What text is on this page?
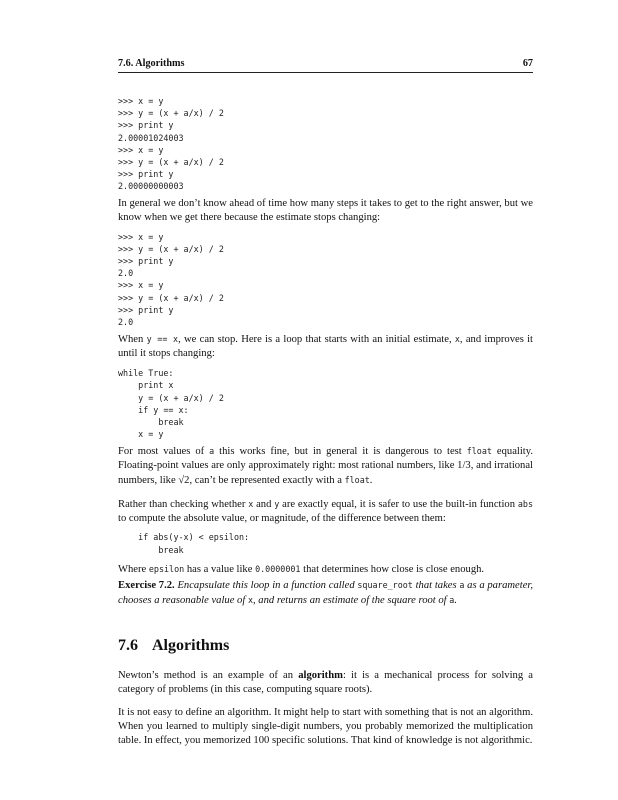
7.6. Algorithms	67
>>> x = y
>>> y = (x + a/x) / 2
>>> print y
2.00001024003
>>> x = y
>>> y = (x + a/x) / 2
>>> print y
2.00000000003

In general we don’t know ahead of time how many steps it takes to get to the right answer, but we know when we get there because the estimate stops changing:

>>> x = y
>>> y = (x + a/x) / 2
>>> print y
2.0
>>> x = y
>>> y = (x + a/x) / 2
>>> print y
2.0

When y == x, we can stop. Here is a loop that starts with an initial estimate, x, and improves it until it stops changing:

while True:
print x
y = (x + a/x) / 2
if y == x:
break
x = y

For most values of a this works fine, but in general it is dangerous to test float equality. Floating-point values are only approximately right: most rational numbers, like 1/3, and irrational numbers, like √2, can’t be represented exactly with a float.

Rather than checking whether x and y are exactly equal, it is safer to use the built-in function abs to compute the absolute value, or magnitude, of the difference between them:

if abs(y-x) < epsilon:
break

Where epsilon has a value like 0.0000001 that determines how close is close enough.

Exercise 7.2. Encapsulate this loop in a function called square_root that takes a as a parameter, chooses a reasonable value of x, and returns an estimate of the square root of a.

7.6 Algorithms

Newton’s method is an example of an algorithm: it is a mechanical process for solving a category of problems (in this case, computing square roots).

It is not easy to define an algorithm. It might help to start with something that is not an algorithm. When you learned to multiply single-digit numbers, you probably memorized the multiplication table. In effect, you memorized 100 specific solutions. That kind of knowledge is not algorithmic.
